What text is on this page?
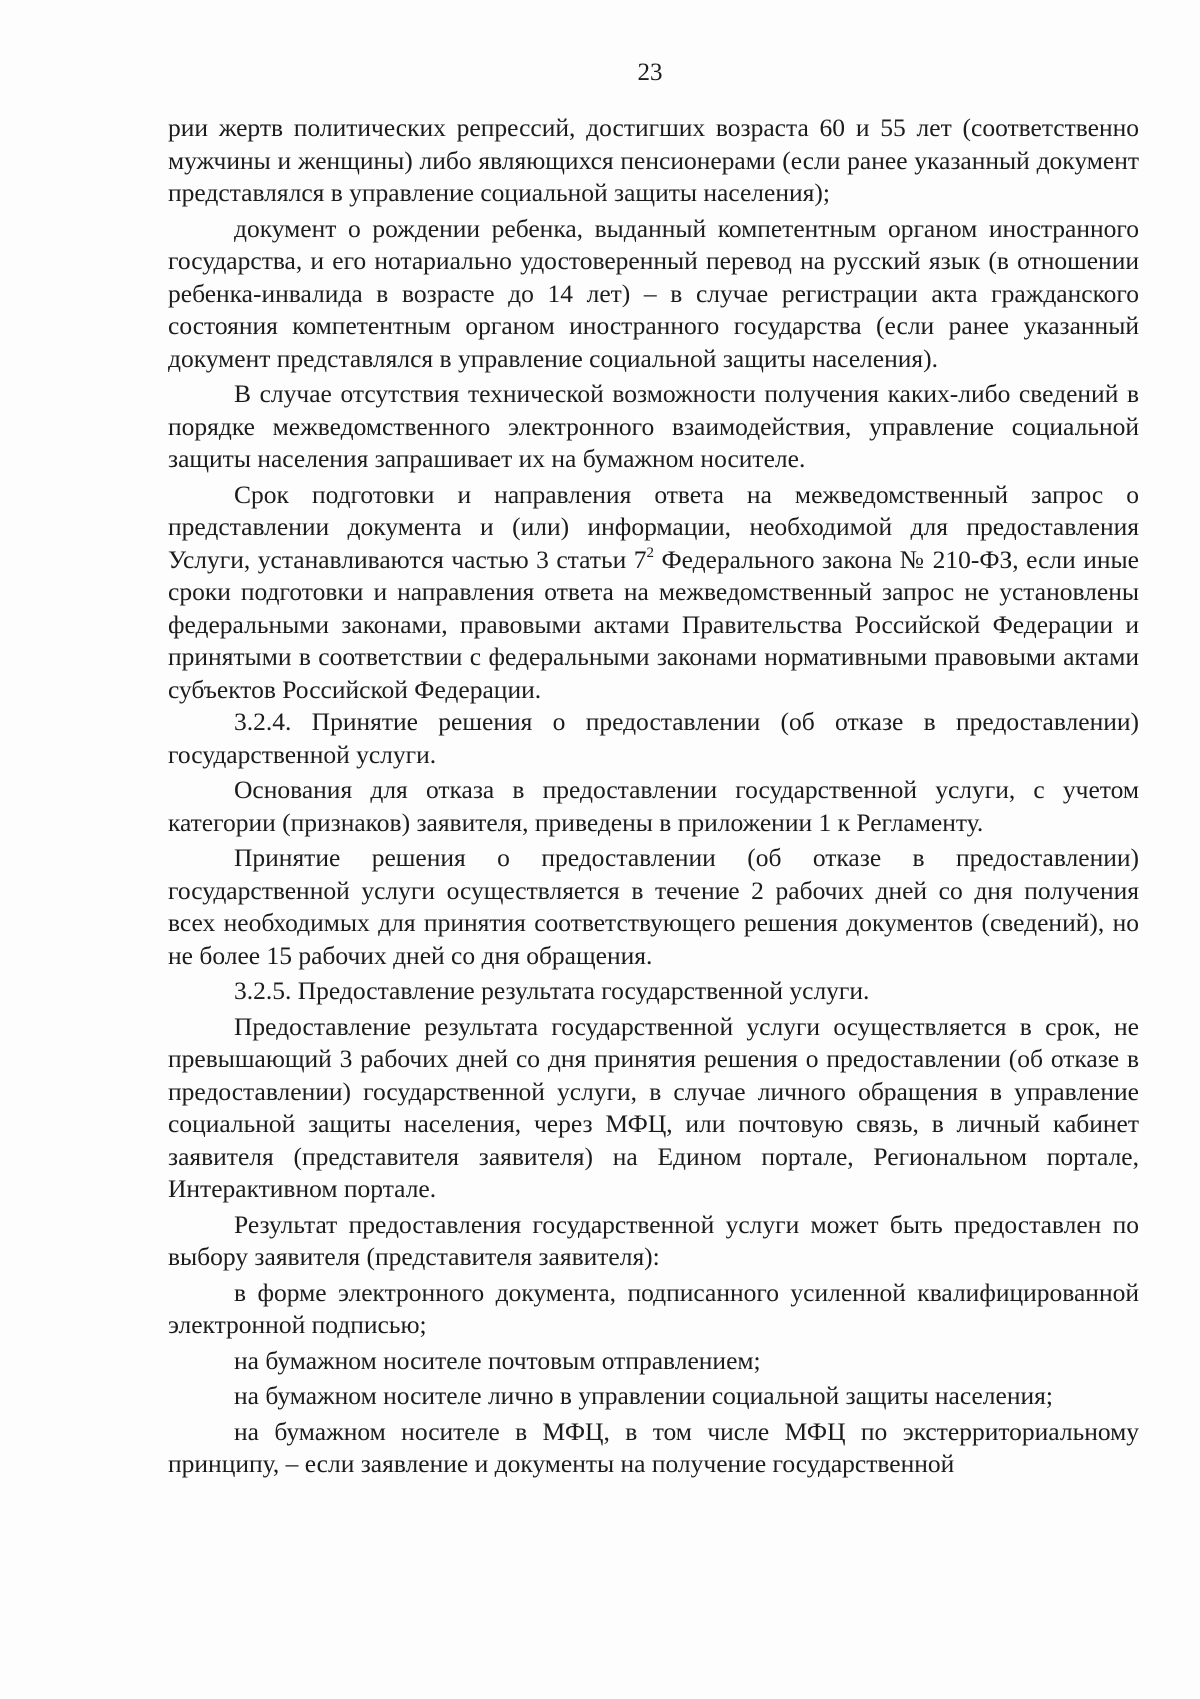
23

рии жертв политических репрессий, достигших возраста 60 и 55 лет (соответственно мужчины и женщины) либо являющихся пенсионерами (если ранее указанный документ представлялся в управление социальной защиты населения);

документ о рождении ребенка, выданный компетентным органом иностранного государства, и его нотариально удостоверенный перевод на русский язык (в отношении ребенка-инвалида в возрасте до 14 лет) – в случае регистрации акта гражданского состояния компетентным органом иностранного государства (если ранее указанный документ представлялся в управление социальной защиты населения).

В случае отсутствия технической возможности получения каких-либо сведений в порядке межведомственного электронного взаимодействия, управление социальной защиты населения запрашивает их на бумажном носителе.

Срок подготовки и направления ответа на межведомственный запрос о представлении документа и (или) информации, необходимой для предоставления Услуги, устанавливаются частью 3 статьи $7^2$ Федерального закона № 210-ФЗ, если иные сроки подготовки и направления ответа на межведомственный запрос не установлены федеральными законами, правовыми актами Правительства Российской Федерации и принятыми в соответствии с федеральными законами нормативными правовыми актами субъектов Российской Федерации.

3.2.4. Принятие решения о предоставлении (об отказе в предоставлении) государственной услуги.

Основания для отказа в предоставлении государственной услуги, с учетом категории (признаков) заявителя, приведены в приложении 1 к Регламенту.

Принятие решения о предоставлении (об отказе в предоставлении) государственной услуги осуществляется в течение 2 рабочих дней со дня получения всех необходимых для принятия соответствующего решения документов (сведений), но не более 15 рабочих дней со дня обращения.

3.2.5. Предоставление результата государственной услуги.

Предоставление результата государственной услуги осуществляется в срок, не превышающий 3 рабочих дней со дня принятия решения о предоставлении (об отказе в предоставлении) государственной услуги, в случае личного обращения в управление социальной защиты населения, через МФЦ, или почтовую связь, в личный кабинет заявителя (представителя заявителя) на Едином портале, Региональном портале, Интерактивном портале.

Результат предоставления государственной услуги может быть предоставлен по выбору заявителя (представителя заявителя):

в форме электронного документа, подписанного усиленной квалифицированной электронной подписью;

на бумажном носителе почтовым отправлением;

на бумажном носителе лично в управлении социальной защиты населения;

на бумажном носителе в МФЦ, в том числе МФЦ по экстерриториальному принципу, – если заявление и документы на получение государственной
